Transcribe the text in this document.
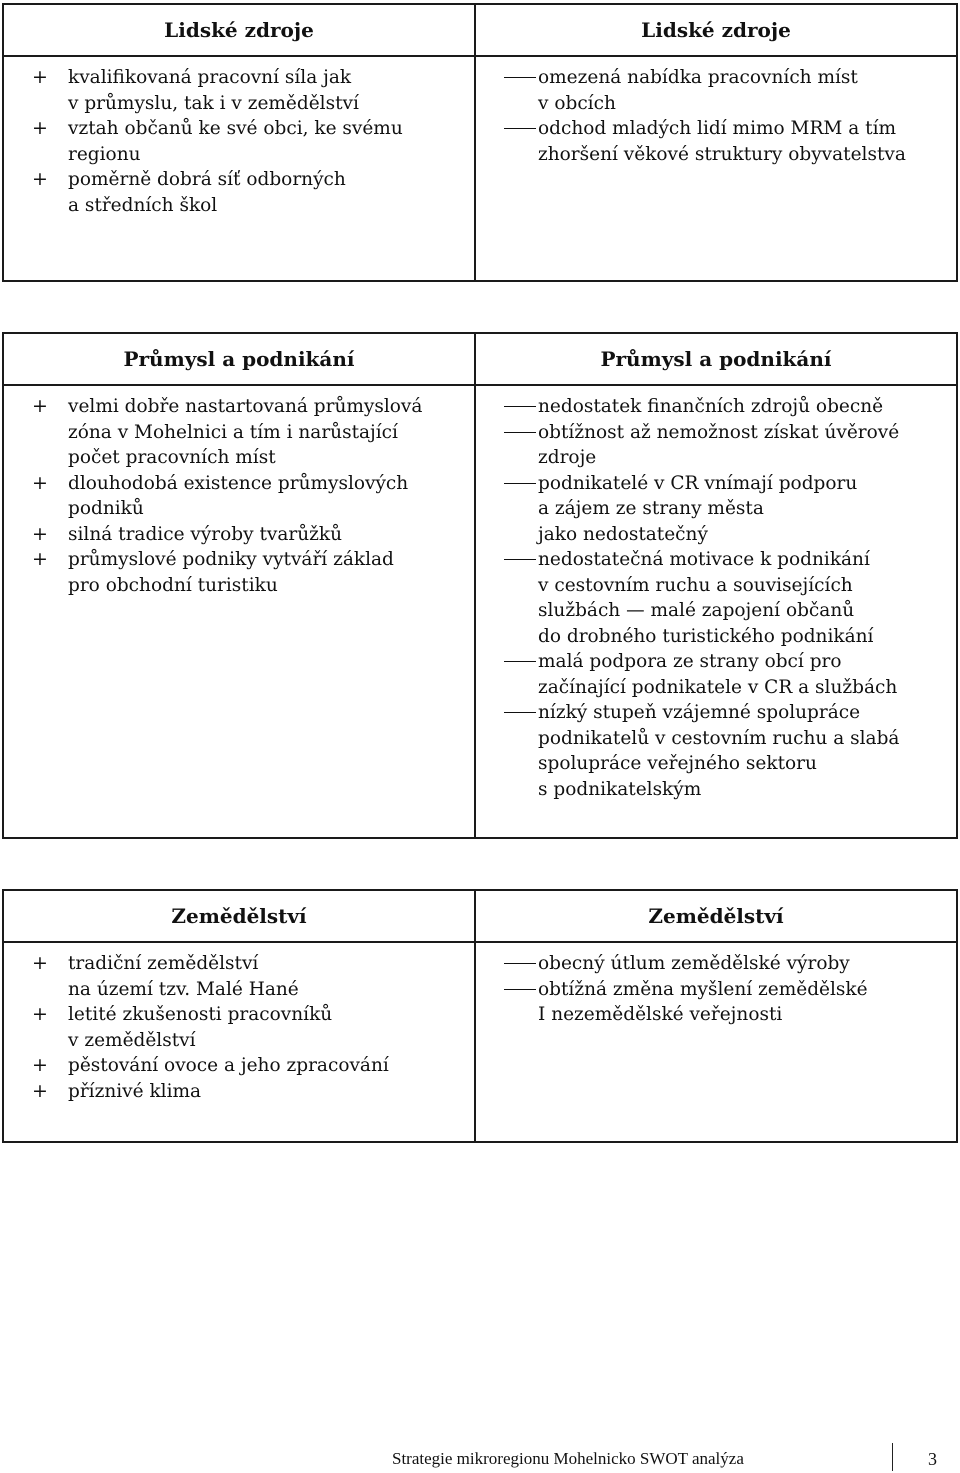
Lidské zdroje
+ kvalifikovaná pracovní síla jak
v průmyslu, tak i v zemědělství
+ vztah občanů ke své obci, ke svému
regionu
+ poměrně dobrá síť odborných
a středních škol
Lidské zdroje
omezená nabídka pracovních míst
v obcích
odchod mladých lidí mimo MRM a tím
zhoršení věkové struktury obyvatelstva
Průmysl a podnikání
+ velmi dobře nastartovaná průmyslová
zóna v Mohelnici a tím i narůstající
počet pracovních míst
+ dlouhodobá existence průmyslových
podniků
+ silná tradice výroby tvarůžků
+ průmyslové podniky vytváří základ
pro obchodní turistiku
Průmysl a podnikání
nedostatek finančních zdrojů obecně
obtížnost až nemožnost získat úvěrové
zdroje
podnikatelé v CR vnímají podporu
a zájem ze strany města
jako nedostatečný
nedostatečná motivace k podnikání
v cestovním ruchu a souvisejících
službách — malé zapojení občanů
do drobného turistického podnikání
malá podpora ze strany obcí pro
začínající podnikatele v CR a službách
nízký stupeň vzájemné spolupráce
podnikatelů v cestovním ruchu a slabá
spolupráce veřejného sektoru
s podnikatelským
Zemědělství
+ tradiční zemědělství
na území tzv. Malé Hané
+ letité zkušenosti pracovníků
v zemědělství
+ pěstování ovoce a jeho zpracování
+ příznivé klima
Zemědělství
obecný útlum zemědělské výroby
obtížná změna myšlení zemědělské
I nezemědělské veřejnosti
Strategie mikroregionu Mohelnicko SWOT analýza	3
